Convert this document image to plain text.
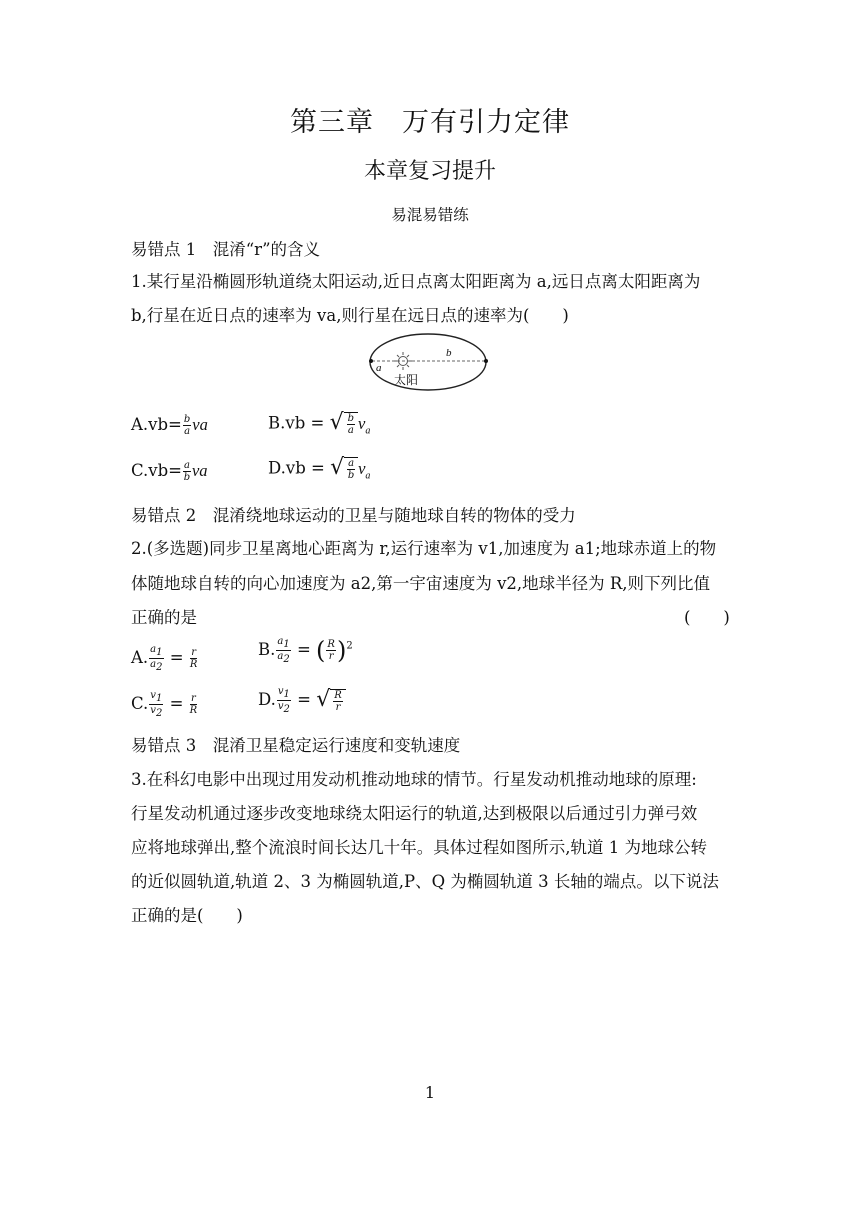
第三章　万有引力定律
本章复习提升
易混易错练
易错点 1　混淆“r”的含义
1.某行星沿椭圆形轨道绕太阳运动,近日点离太阳距离为 a,远日点离太阳距离为
b,行星在近日点的速率为 va,则行星在远日点的速率为(　　)
a
b
太阳
$A.vb= \frac{b}{a}$ va	B.vb = √ $\frac{b}{a} v_a$
$C.vb= \frac{a}{b}$ va	D.vb = √ $\frac{a}{b} v_a$
易错点 2　混淆绕地球运动的卫星与随地球自转的物体的受力
2.(多选题)同步卫星离地心距离为 r,运行速率为 v1,加速度为 a1;地球赤道上的物
体随地球自转的向心加速度为 a2,第一宇宙速度为 v2,地球半径为 R,则下列比值
正确的是	(　　)
A. $\frac{a_1}{a_2} = \frac{r}{R}$	B. $\frac{a_1}{a_2}$ = ( $\frac{R}{r} )^2$
C. $\frac{v_1}{v_2} = \frac{r}{R}$	D. $\frac{v_1}{v_2}$ = √ $\frac{R}{r}$
易错点 3　混淆卫星稳定运行速度和变轨速度
3.在科幻电影中出现过用发动机推动地球的情节。行星发动机推动地球的原理:
行星发动机通过逐步改变地球绕太阳运行的轨道,达到极限以后通过引力弹弓效
应将地球弹出,整个流浪时间长达几十年。具体过程如图所示,轨道 1 为地球公转
的近似圆轨道,轨道 2、3 为椭圆轨道,P、Q 为椭圆轨道 3 长轴的端点。以下说法
正确的是(　　)
1
